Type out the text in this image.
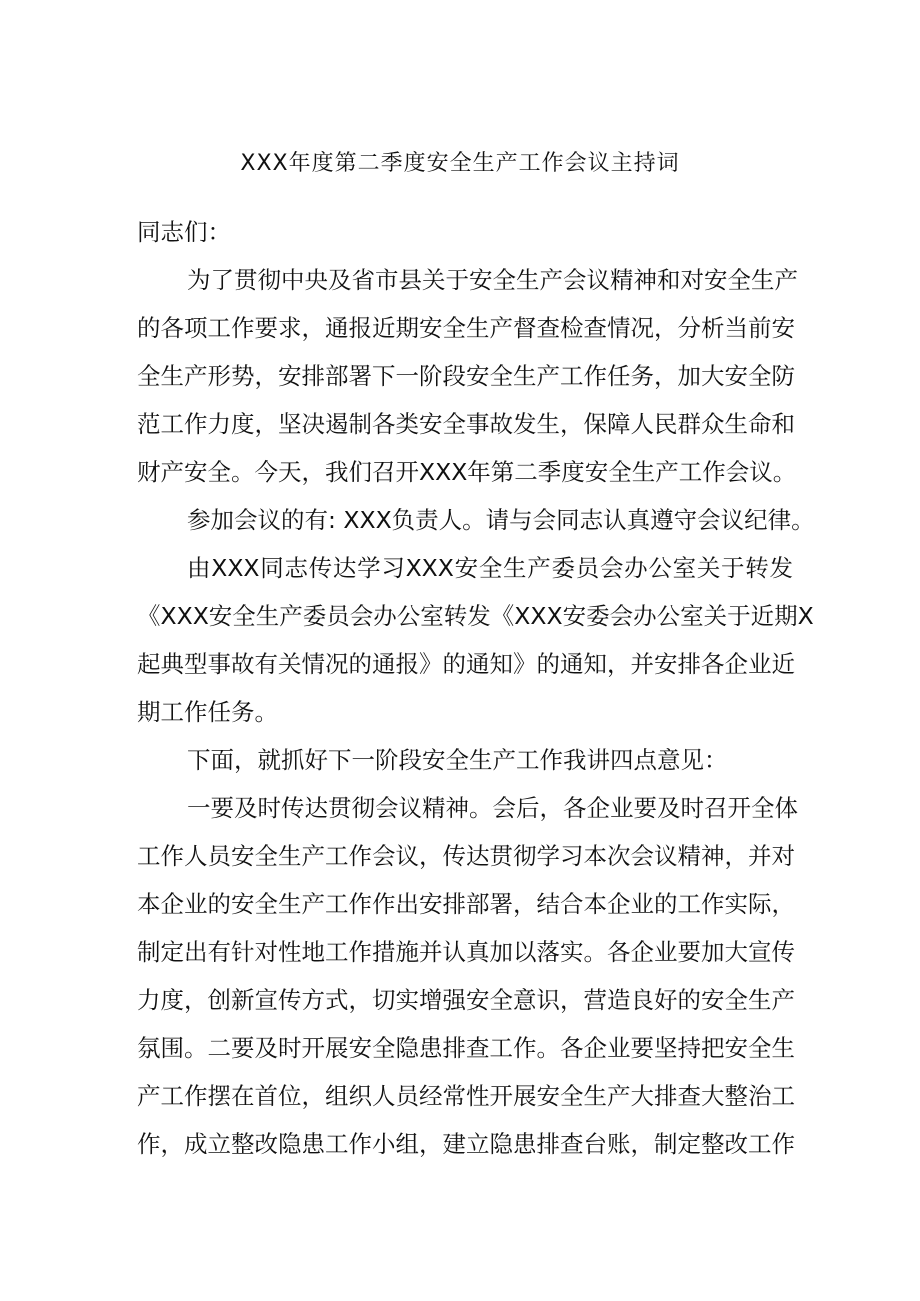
XXX年度第二季度安全生产工作会议主持词
同志们：
为了贯彻中央及省市县关于安全生产会议精神和对安全生产
的各项工作要求，通报近期安全生产督查检查情况，分析当前安
全生产形势，安排部署下一阶段安全生产工作任务，加大安全防
范工作力度，坚决遏制各类安全事故发生，保障人民群众生命和
财产安全。今天，我们召开XXX年第二季度安全生产工作会议。
参加会议的有: XXX负责人。请与会同志认真遵守会议纪律。
由XXX同志传达学习XXX安全生产委员会办公室关于转发
《XXX安全生产委员会办公室转发《XXX安委会办公室关于近期X
起典型事故有关情况的通报》的通知》的通知，并安排各企业近
期工作任务。
下面，就抓好下一阶段安全生产工作我讲四点意见：
一要及时传达贯彻会议精神。会后，各企业要及时召开全体
工作人员安全生产工作会议，传达贯彻学习本次会议精神，并对
本企业的安全生产工作作出安排部署，结合本企业的工作实际，
制定出有针对性地工作措施并认真加以落实。各企业要加大宣传
力度，创新宣传方式，切实增强安全意识，营造良好的安全生产
氛围。二要及时开展安全隐患排查工作。各企业要坚持把安全生
产工作摆在首位，组织人员经常性开展安全生产大排查大整治工
作，成立整改隐患工作小组，建立隐患排查台账，制定整改工作
